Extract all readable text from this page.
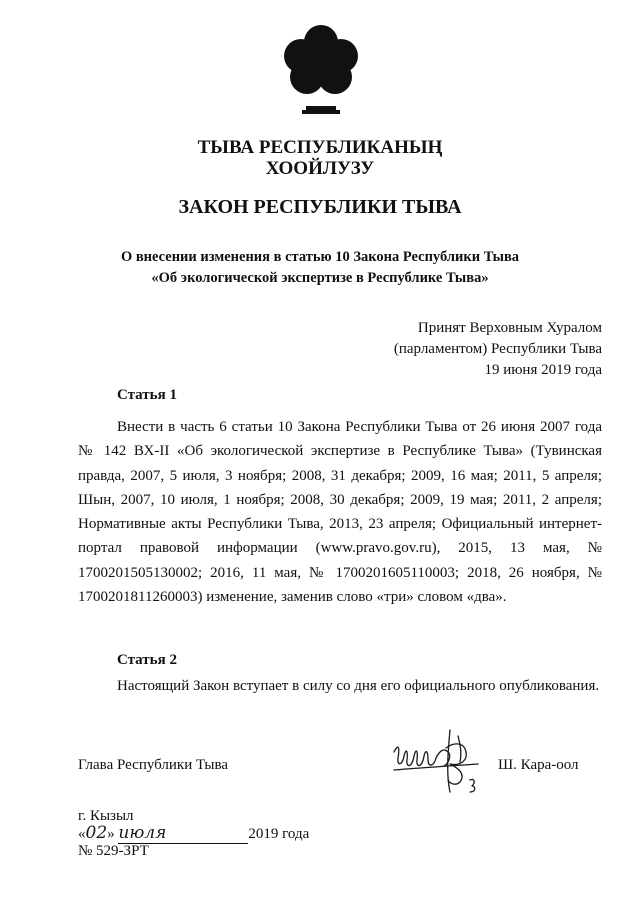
ТЫВА РЕСПУБЛИКАНЫҢ
ХООЙЛУЗУ
ЗАКОН РЕСПУБЛИКИ ТЫВА
О внесении изменения в статью 10 Закона Республики Тыва
«Об экологической экспертизе в Республике Тыва»
Принят Верховным Хуралом
(парламентом) Республики Тыва
19 июня 2019 года
Статья 1
Внести в часть 6 статьи 10 Закона Республики Тыва от 26 июня 2007 года
№ 142 ВХ-II «Об экологической экспертизе в Республике Тыва» (Тувинская
правда, 2007, 5 июля, 3 ноября; 2008, 31 декабря; 2009, 16 мая; 2011, 5 апреля;
Шын, 2007, 10 июля, 1 ноября; 2008, 30 декабря; 2009, 19 мая; 2011, 2 апреля;
Нормативные акты Республики Тыва, 2013, 23 апреля; Официальный интернет-
портал правовой информации (www.pravo.gov.ru), 2015, 13 мая, №
1700201505130002; 2016, 11 мая, № 1700201605110003; 2018, 26 ноября, №
1700201811260003) изменение, заменив слово «три» словом «два».
Статья 2
Настоящий Закон вступает в силу со дня его официального опубликования.
Глава Республики Тыва	Ш. Кара-оол
г. Кызыл
«02» июля	2019 года
№ 529-ЗРТ
